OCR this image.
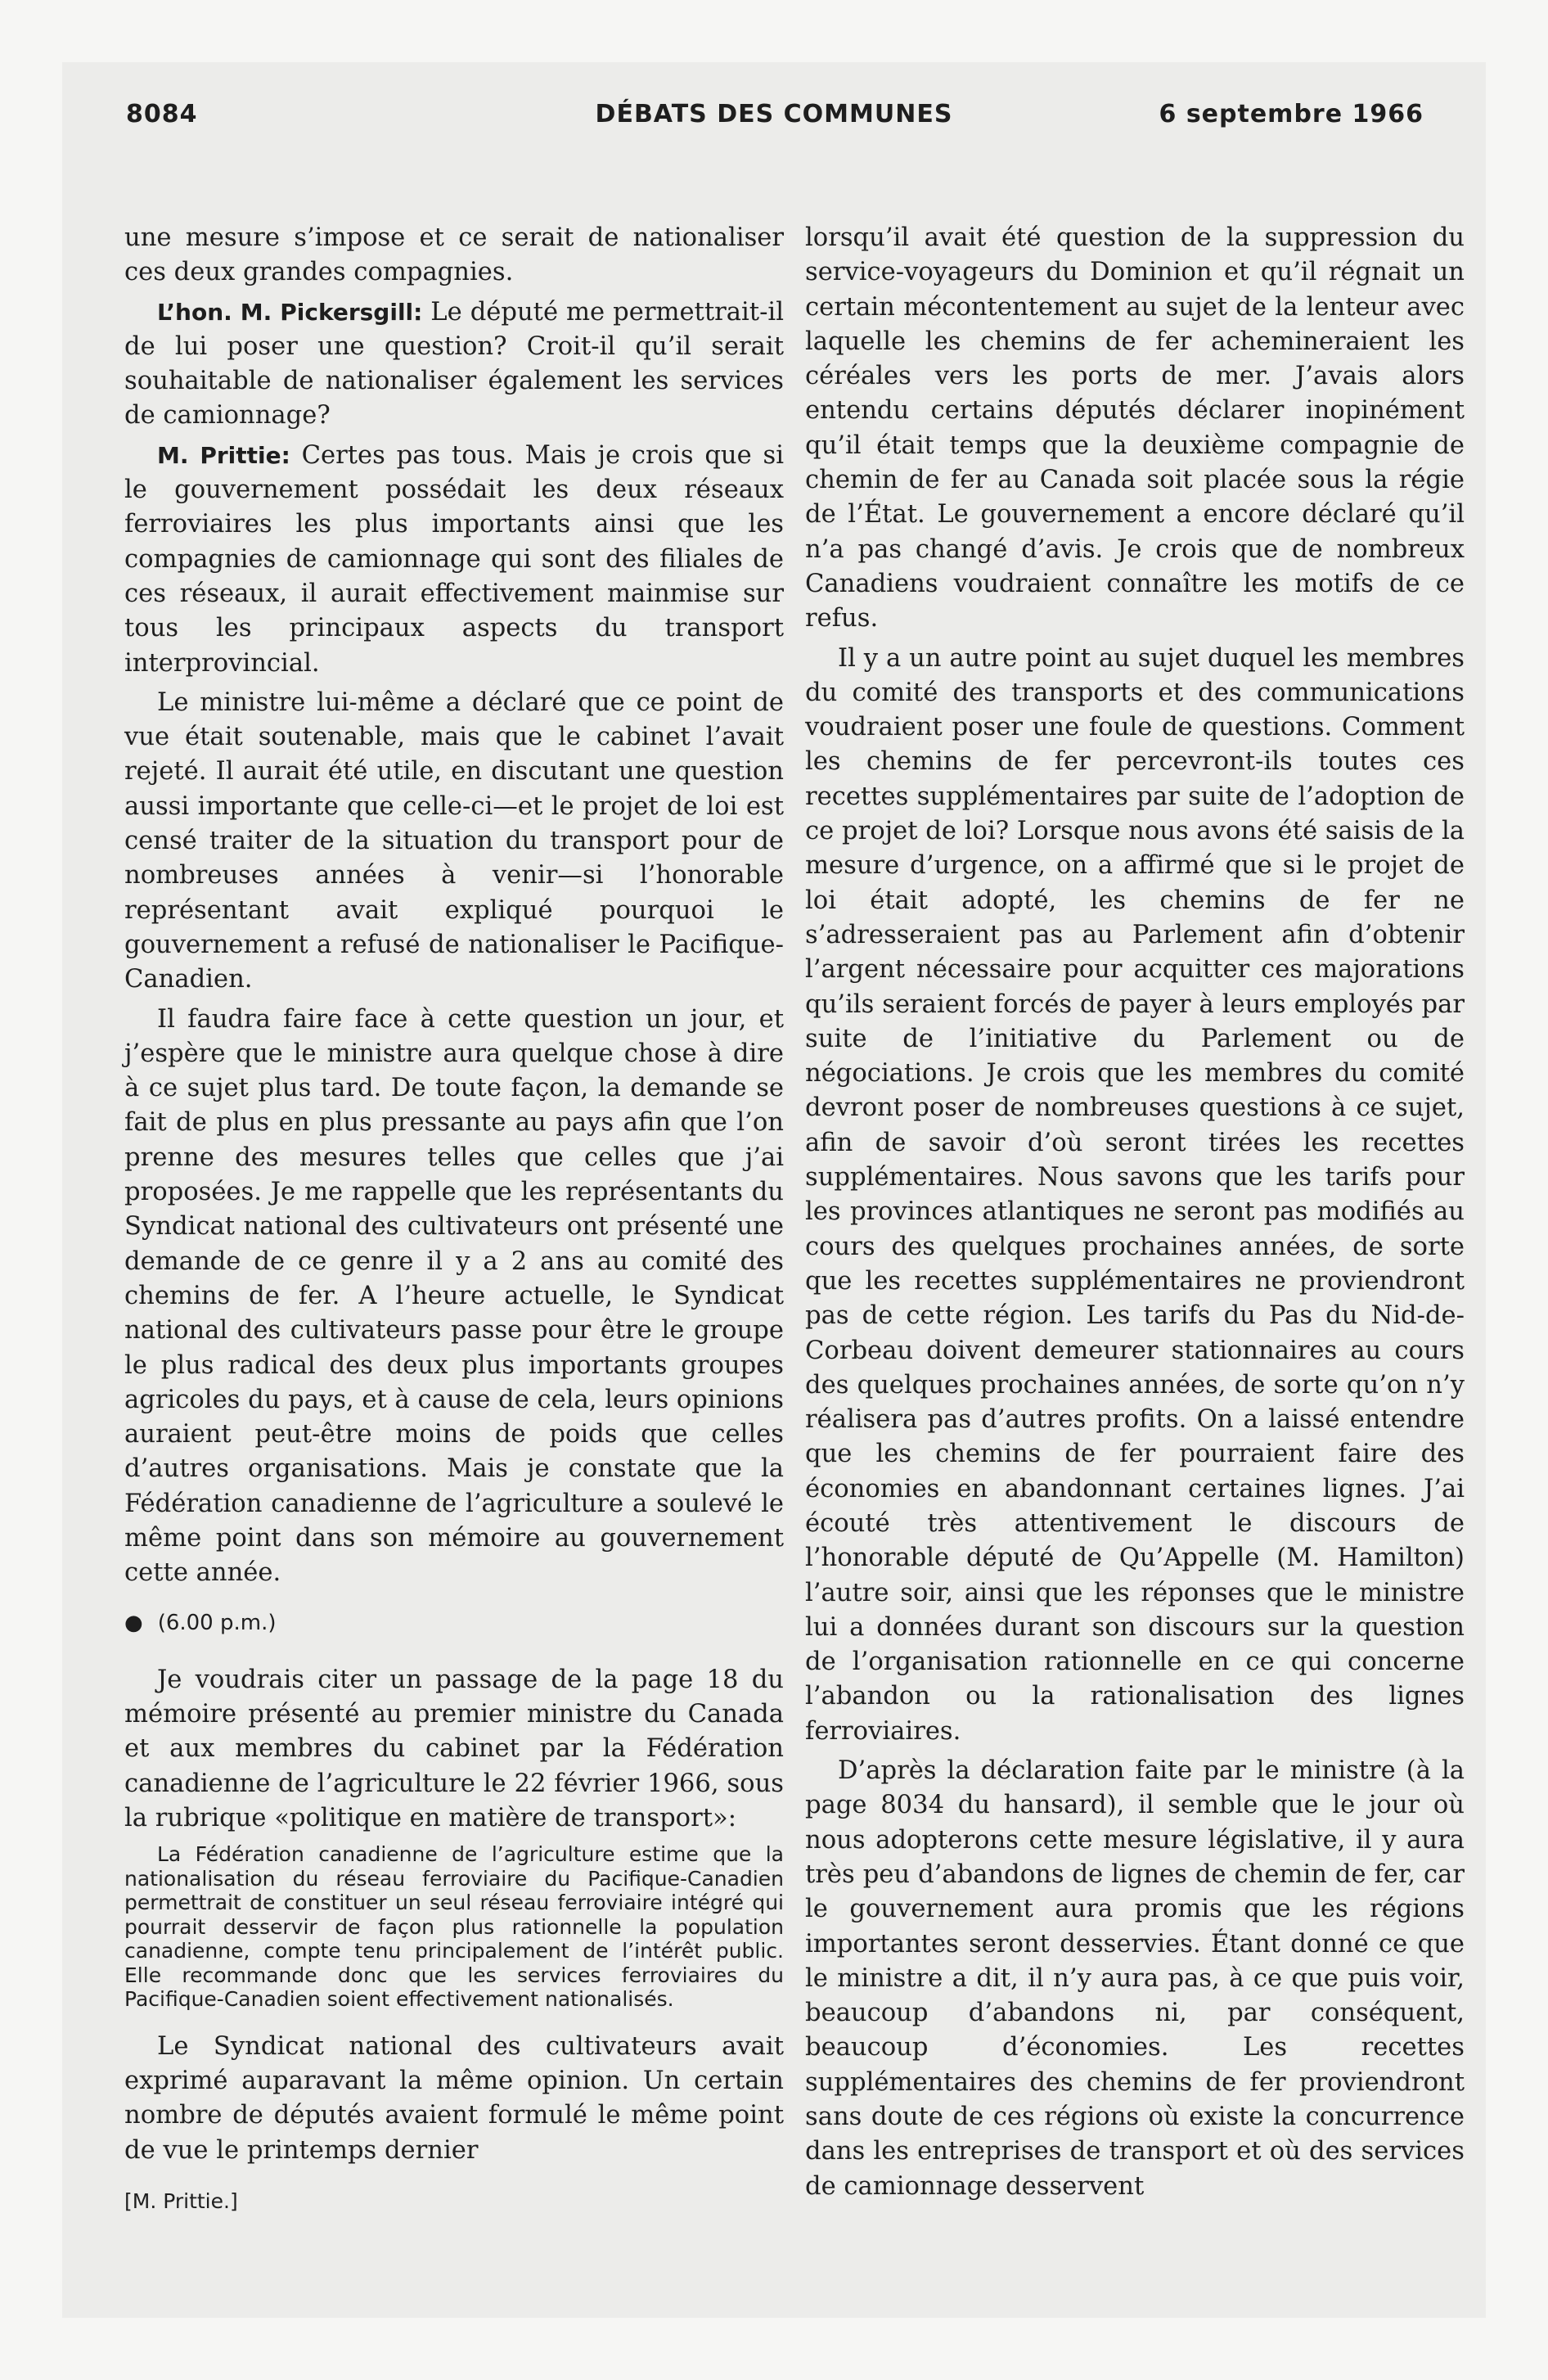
8084	DÉBATS DES COMMUNES	6 septembre 1966

une mesure s’impose et ce serait de nationaliser ces deux grandes compagnies.

L’hon. M. Pickersgill: Le député me permettrait-il de lui poser une question? Croit-il qu’il serait souhaitable de nationaliser également les services de camionnage?

M. Prittie: Certes pas tous. Mais je crois que si le gouvernement possédait les deux réseaux ferroviaires les plus importants ainsi que les compagnies de camionnage qui sont des filiales de ces réseaux, il aurait effectivement mainmise sur tous les principaux aspects du transport interprovincial.

Le ministre lui-même a déclaré que ce point de vue était soutenable, mais que le cabinet l’avait rejeté. Il aurait été utile, en discutant une question aussi importante que celle-ci—et le projet de loi est censé traiter de la situation du transport pour de nombreuses années à venir—si l’honorable représentant avait expliqué pourquoi le gouvernement a refusé de nationaliser le Pacifique-Canadien.

Il faudra faire face à cette question un jour, et j’espère que le ministre aura quelque chose à dire à ce sujet plus tard. De toute façon, la demande se fait de plus en plus pressante au pays afin que l’on prenne des mesures telles que celles que j’ai proposées. Je me rappelle que les représentants du Syndicat national des cultivateurs ont présenté une demande de ce genre il y a 2 ans au comité des chemins de fer. A l’heure actuelle, le Syndicat national des cultivateurs passe pour être le groupe le plus radical des deux plus importants groupes agricoles du pays, et à cause de cela, leurs opinions auraient peut-être moins de poids que celles d’autres organisations. Mais je constate que la Fédération canadienne de l’agriculture a soulevé le même point dans son mémoire au gouvernement cette année.

● (6.00 p.m.)

Je voudrais citer un passage de la page 18 du mémoire présenté au premier ministre du Canada et aux membres du cabinet par la Fédération canadienne de l’agriculture le 22 février 1966, sous la rubrique «politique en matière de transport»:

La Fédération canadienne de l’agriculture estime que la nationalisation du réseau ferroviaire du Pacifique-Canadien permettrait de constituer un seul réseau ferroviaire intégré qui pourrait desservir de façon plus rationnelle la population canadienne, compte tenu principalement de l’intérêt public. Elle recommande donc que les services ferroviaires du Pacifique-Canadien soient effectivement nationalisés.

Le Syndicat national des cultivateurs avait exprimé auparavant la même opinion. Un certain nombre de députés avaient formulé le même point de vue le printemps dernier

[M. Prittie.]

lorsqu’il avait été question de la suppression du service-voyageurs du Dominion et qu’il régnait un certain mécontentement au sujet de la lenteur avec laquelle les chemins de fer achemineraient les céréales vers les ports de mer. J’avais alors entendu certains députés déclarer inopinément qu’il était temps que la deuxième compagnie de chemin de fer au Canada soit placée sous la régie de l’État. Le gouvernement a encore déclaré qu’il n’a pas changé d’avis. Je crois que de nombreux Canadiens voudraient connaître les motifs de ce refus.

Il y a un autre point au sujet duquel les membres du comité des transports et des communications voudraient poser une foule de questions. Comment les chemins de fer percevront-ils toutes ces recettes supplémentaires par suite de l’adoption de ce projet de loi? Lorsque nous avons été saisis de la mesure d’urgence, on a affirmé que si le projet de loi était adopté, les chemins de fer ne s’adresseraient pas au Parlement afin d’obtenir l’argent nécessaire pour acquitter ces majorations qu’ils seraient forcés de payer à leurs employés par suite de l’initiative du Parlement ou de négociations. Je crois que les membres du comité devront poser de nombreuses questions à ce sujet, afin de savoir d’où seront tirées les recettes supplémentaires. Nous savons que les tarifs pour les provinces atlantiques ne seront pas modifiés au cours des quelques prochaines années, de sorte que les recettes supplémentaires ne proviendront pas de cette région. Les tarifs du Pas du Nid-de-Corbeau doivent demeurer stationnaires au cours des quelques prochaines années, de sorte qu’on n’y réalisera pas d’autres profits. On a laissé entendre que les chemins de fer pourraient faire des économies en abandonnant certaines lignes. J’ai écouté très attentivement le discours de l’honorable député de Qu’Appelle (M. Hamilton) l’autre soir, ainsi que les réponses que le ministre lui a données durant son discours sur la question de l’organisation rationnelle en ce qui concerne l’abandon ou la rationalisation des lignes ferroviaires.

D’après la déclaration faite par le ministre (à la page 8034 du hansard), il semble que le jour où nous adopterons cette mesure législative, il y aura très peu d’abandons de lignes de chemin de fer, car le gouvernement aura promis que les régions importantes seront desservies. Étant donné ce que le ministre a dit, il n’y aura pas, à ce que puis voir, beaucoup d’abandons ni, par conséquent, beaucoup d’économies. Les recettes supplémentaires des chemins de fer proviendront sans doute de ces régions où existe la concurrence dans les entreprises de transport et où des services de camionnage desservent
